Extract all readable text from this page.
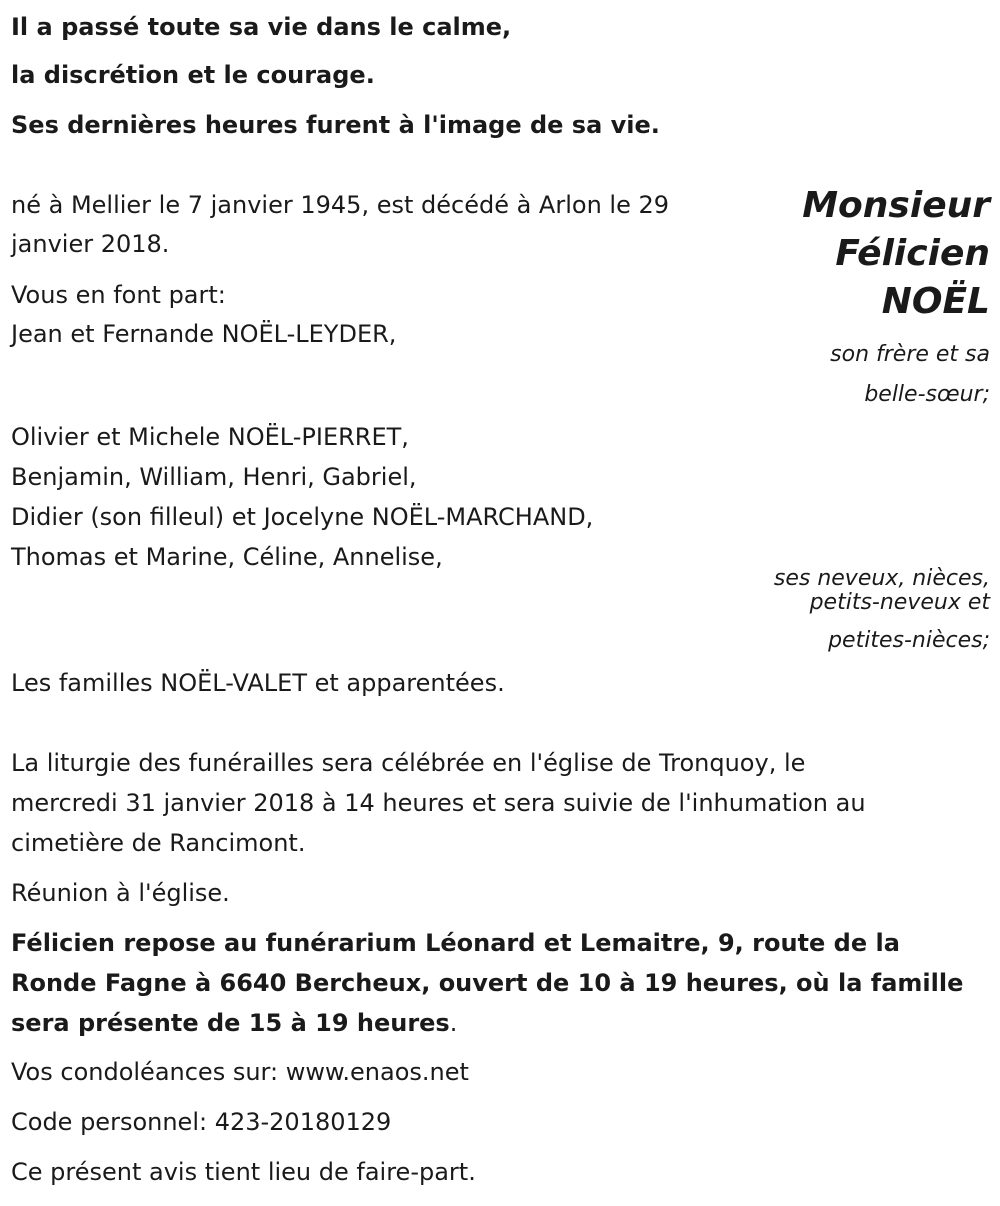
Il a passé toute sa vie dans le calme,
la discrétion et le courage.
Ses dernières heures furent à l'image de sa vie.
Monsieur
Félicien
NOËL
né à Mellier le 7 janvier 1945, est décédé à Arlon le 29
janvier 2018.
Vous en font part:
Jean et Fernande NOËL-LEYDER,
son frère et sa
belle-sœur;
Olivier et Michele NOËL-PIERRET,
Benjamin, William, Henri, Gabriel,
Didier (son filleul) et Jocelyne NOËL-MARCHAND,
Thomas et Marine, Céline, Annelise,
ses neveux, nièces,
petits-neveux et
petites-nièces;
Les familles NOËL-VALET et apparentées.
La liturgie des funérailles sera célébrée en l'église de Tronquoy, le
mercredi 31 janvier 2018 à 14 heures et sera suivie de l'inhumation au
cimetière de Rancimont.
Réunion à l'église.
Félicien repose au funérarium Léonard et Lemaitre, 9, route de la
Ronde Fagne à 6640 Bercheux, ouvert de 10 à 19 heures, où la famille
sera présente de 15 à 19 heures.
Vos condoléances sur: www.enaos.net
Code personnel: 423-20180129
Ce présent avis tient lieu de faire-part.
